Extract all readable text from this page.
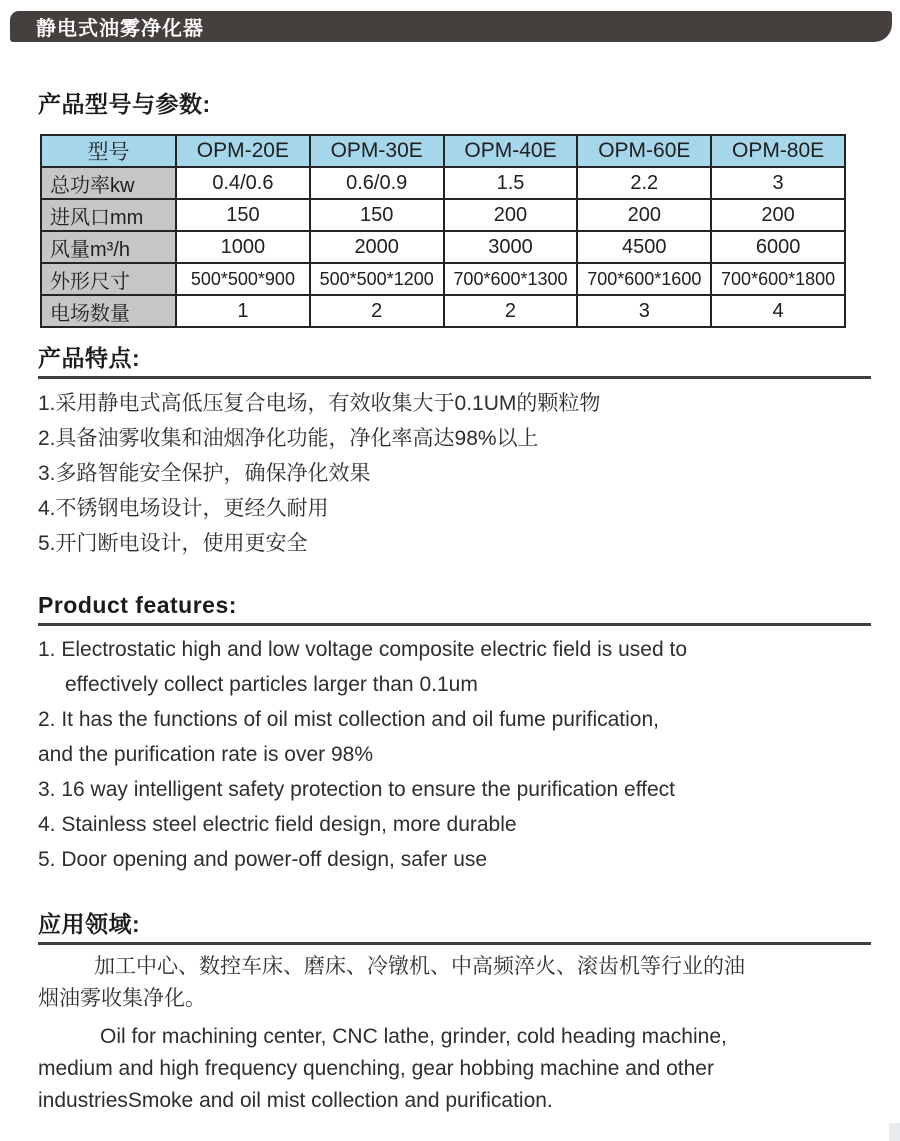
静电式油雾净化器
产品型号与参数:
型号	OPM-20E	OPM-30E	OPM-40E	OPM-60E	OPM-80E
总功率kw	0.4/0.6	0.6/0.9	1.5	2.2	3
进风口mm	150	150	200	200	200
风量m³/h	1000	2000	3000	4500	6000
外形尺寸	500*500*900	500*500*1200	700*600*1300	700*600*1600	700*600*1800
电场数量	1	2	2	3	4
产品特点:
1.采用静电式高低压复合电场，有效收集大于0.1UM的颗粒物
2.具备油雾收集和油烟净化功能，净化率高达98%以上
3.多路智能安全保护，确保净化效果
4.不锈钢电场设计，更经久耐用
5.开门断电设计，使用更安全
Product features:
1. Electrostatic high and low voltage composite electric field is used to
effectively collect particles larger than 0.1um
2. It has the functions of oil mist collection and oil fume purification,
and the purification rate is over 98%
3. 16 way intelligent safety protection to ensure the purification effect
4. Stainless steel electric field design, more durable
5. Door opening and power-off design, safer use
应用领域:
加工中心、数控车床、磨床、冷镦机、中高频淬火、滚齿机等行业的油
烟油雾收集净化。
Oil for machining center, CNC lathe, grinder, cold heading machine,
medium and high frequency quenching, gear hobbing machine and other
industriesSmoke and oil mist collection and purification.
